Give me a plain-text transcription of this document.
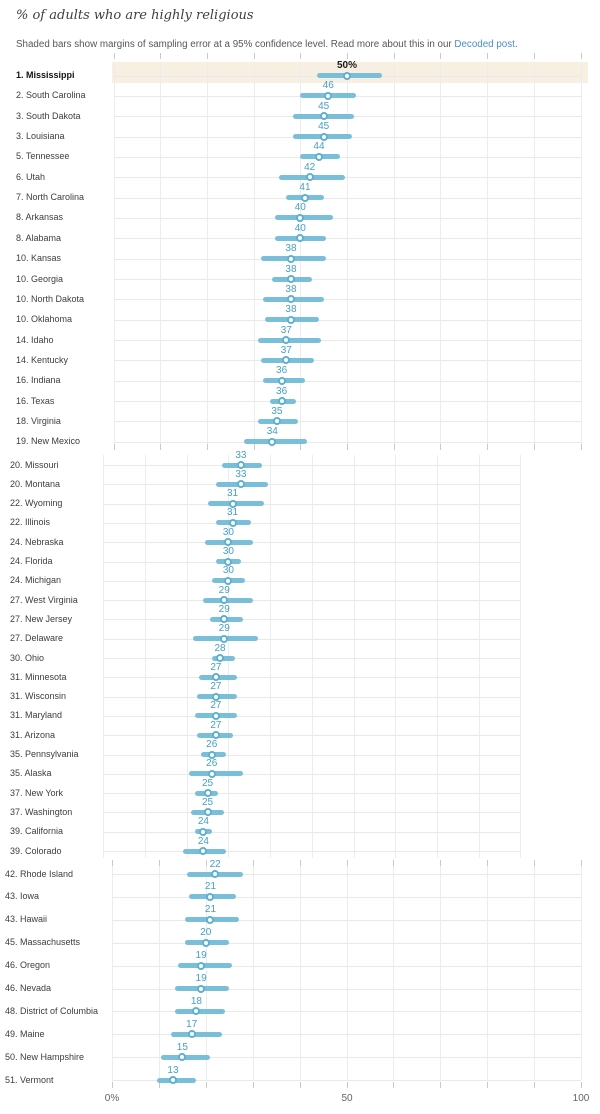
% of adults who are highly religious
Shaded bars show margins of sampling error at a 95% confidence level. Read more about this in our Decoded post.
1. Mississippi
50%
2. South Carolina
46
3. South Dakota
45
3. Louisiana
45
5. Tennessee
44
6. Utah
42
7. North Carolina
41
8. Arkansas
40
8. Alabama
40
10. Kansas
38
10. Georgia
38
10. North Dakota
38
10. Oklahoma
38
14. Idaho
37
14. Kentucky
37
16. Indiana
36
16. Texas
36
18. Virginia
35
19. New Mexico
34
20. Missouri
33
20. Montana
33
22. Wyoming
31
22. Illinois
31
24. Nebraska
30
24. Florida
30
24. Michigan
30
27. West Virginia
29
27. New Jersey
29
27. Delaware
29
30. Ohio
28
31. Minnesota
27
31. Wisconsin
27
31. Maryland
27
31. Arizona
27
35. Pennsylvania
26
35. Alaska
26
37. New York
25
37. Washington
25
39. California
24
39. Colorado
24
42. Rhode Island
22
43. Iowa
21
43. Hawaii
21
45. Massachusetts
20
46. Oregon
19
46. Nevada
19
48. District of Columbia
18
49. Maine
17
50. New Hampshire
15
51. Vermont
13
0%	50	100
